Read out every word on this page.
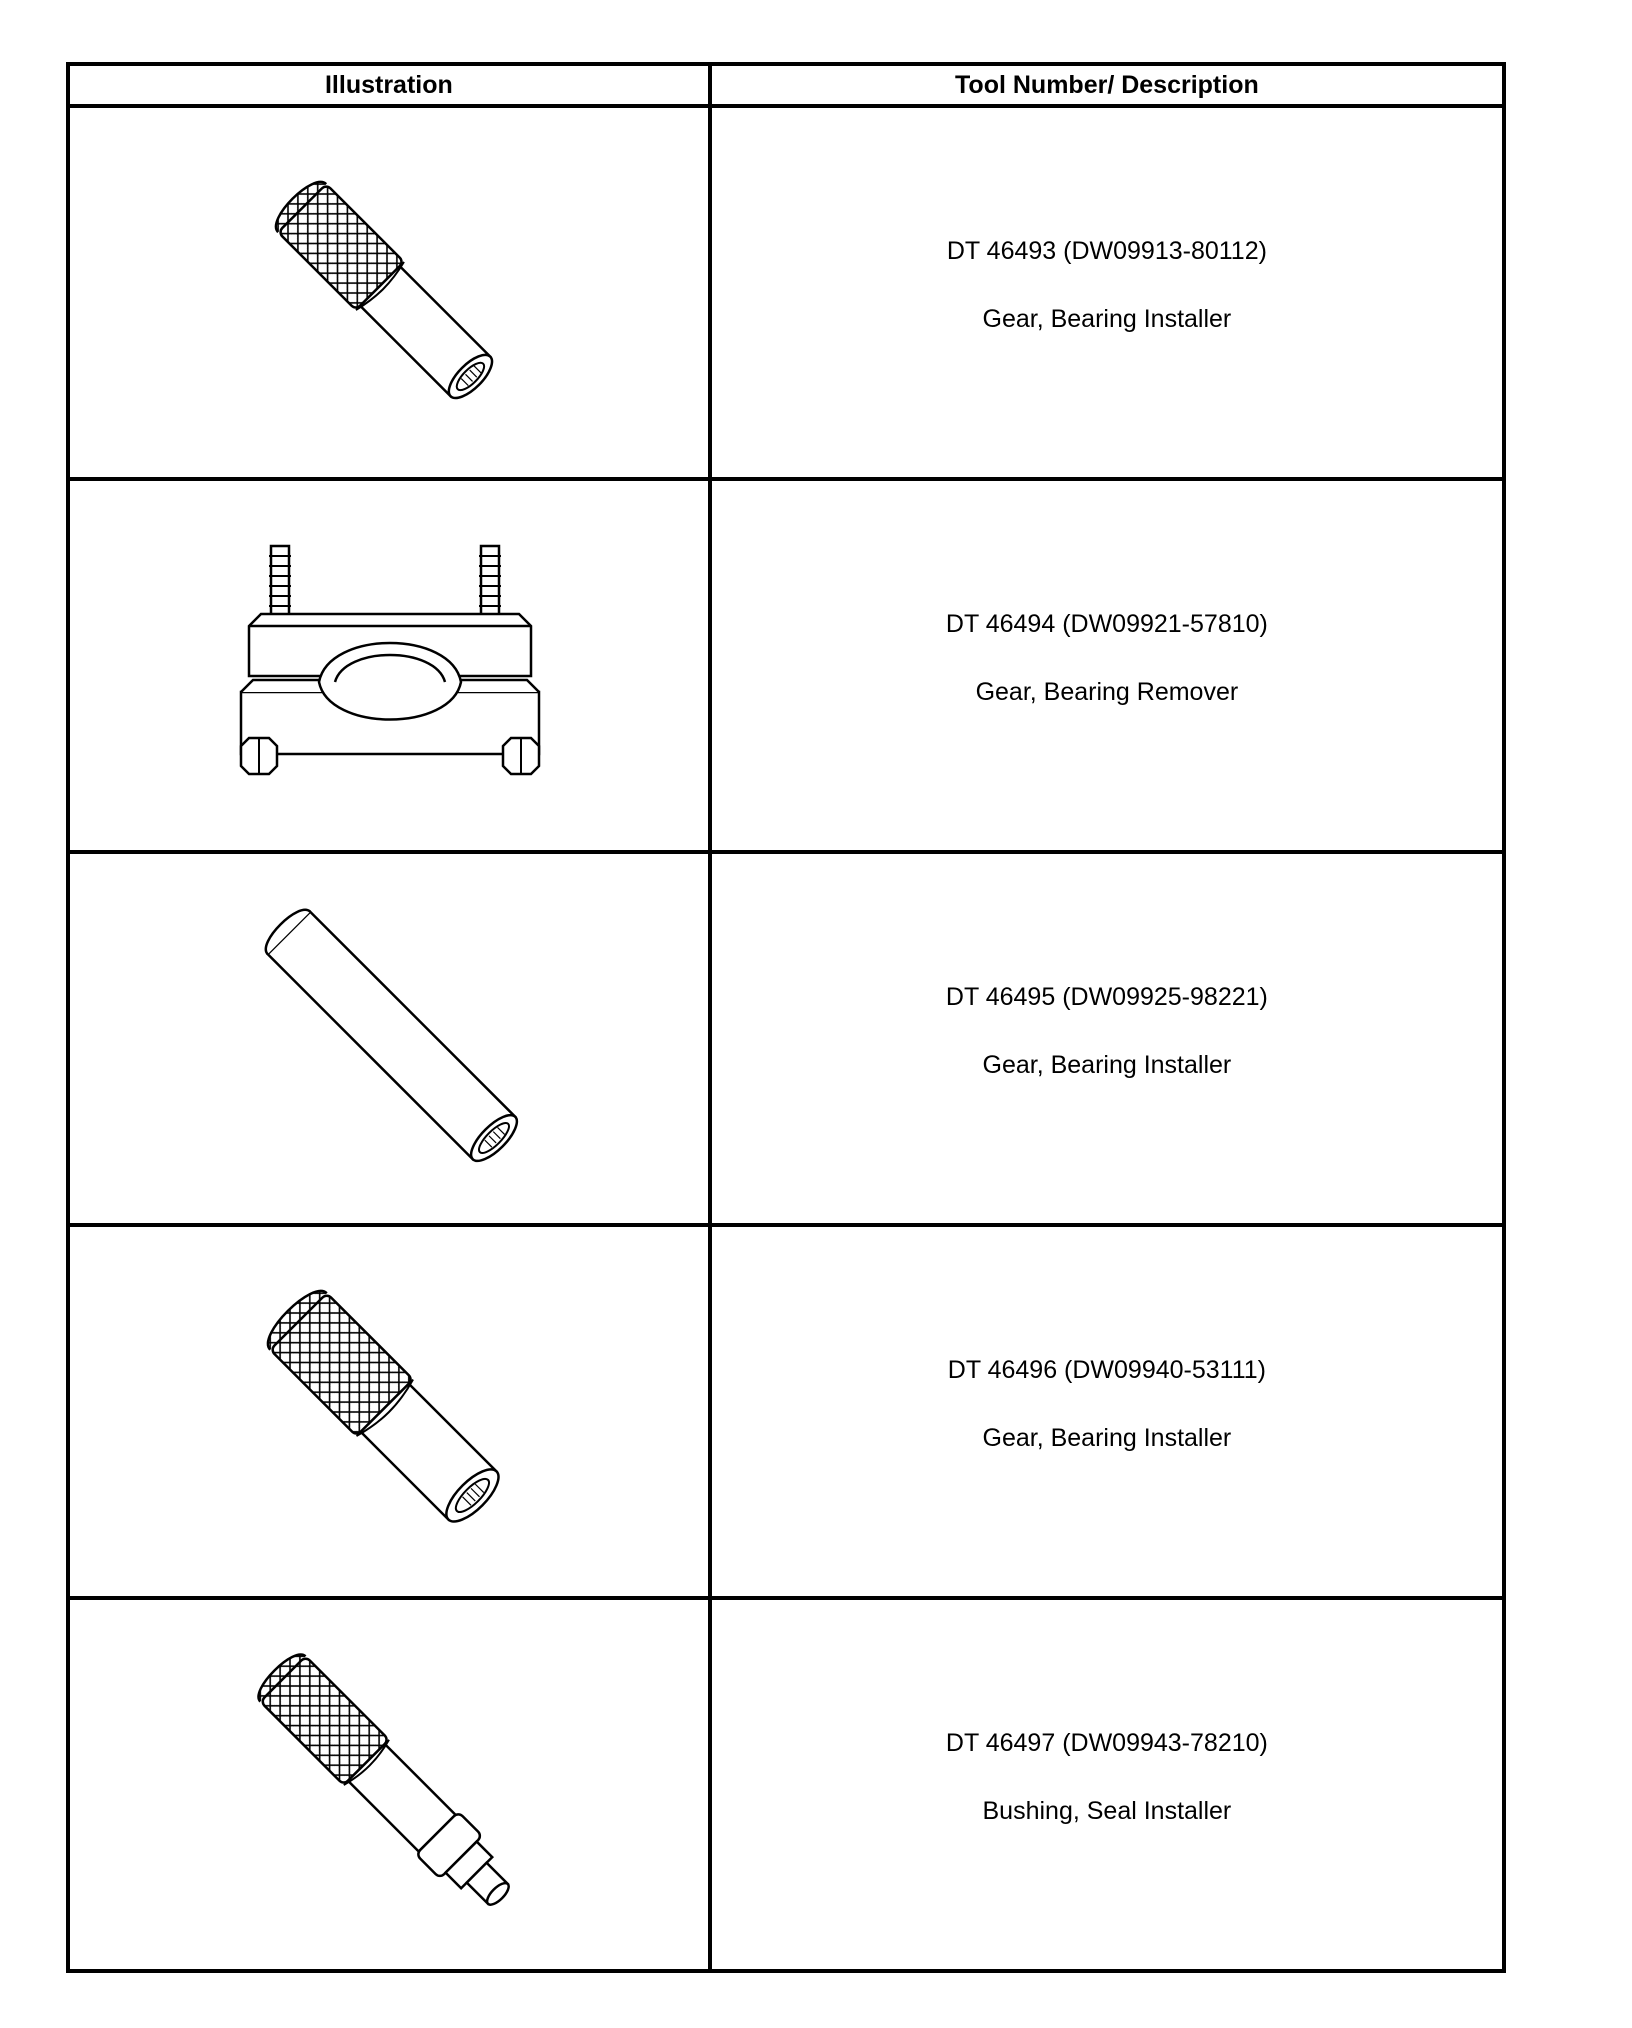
Illustration	Tool Number/ Description

DT 46493 (DW09913-80112)
Gear, Bearing Installer

DT 46494 (DW09921-57810)
Gear, Bearing Remover

DT 46495 (DW09925-98221)
Gear, Bearing Installer

DT 46496 (DW09940-53111)
Gear, Bearing Installer

DT 46497 (DW09943-78210)
Bushing, Seal Installer
